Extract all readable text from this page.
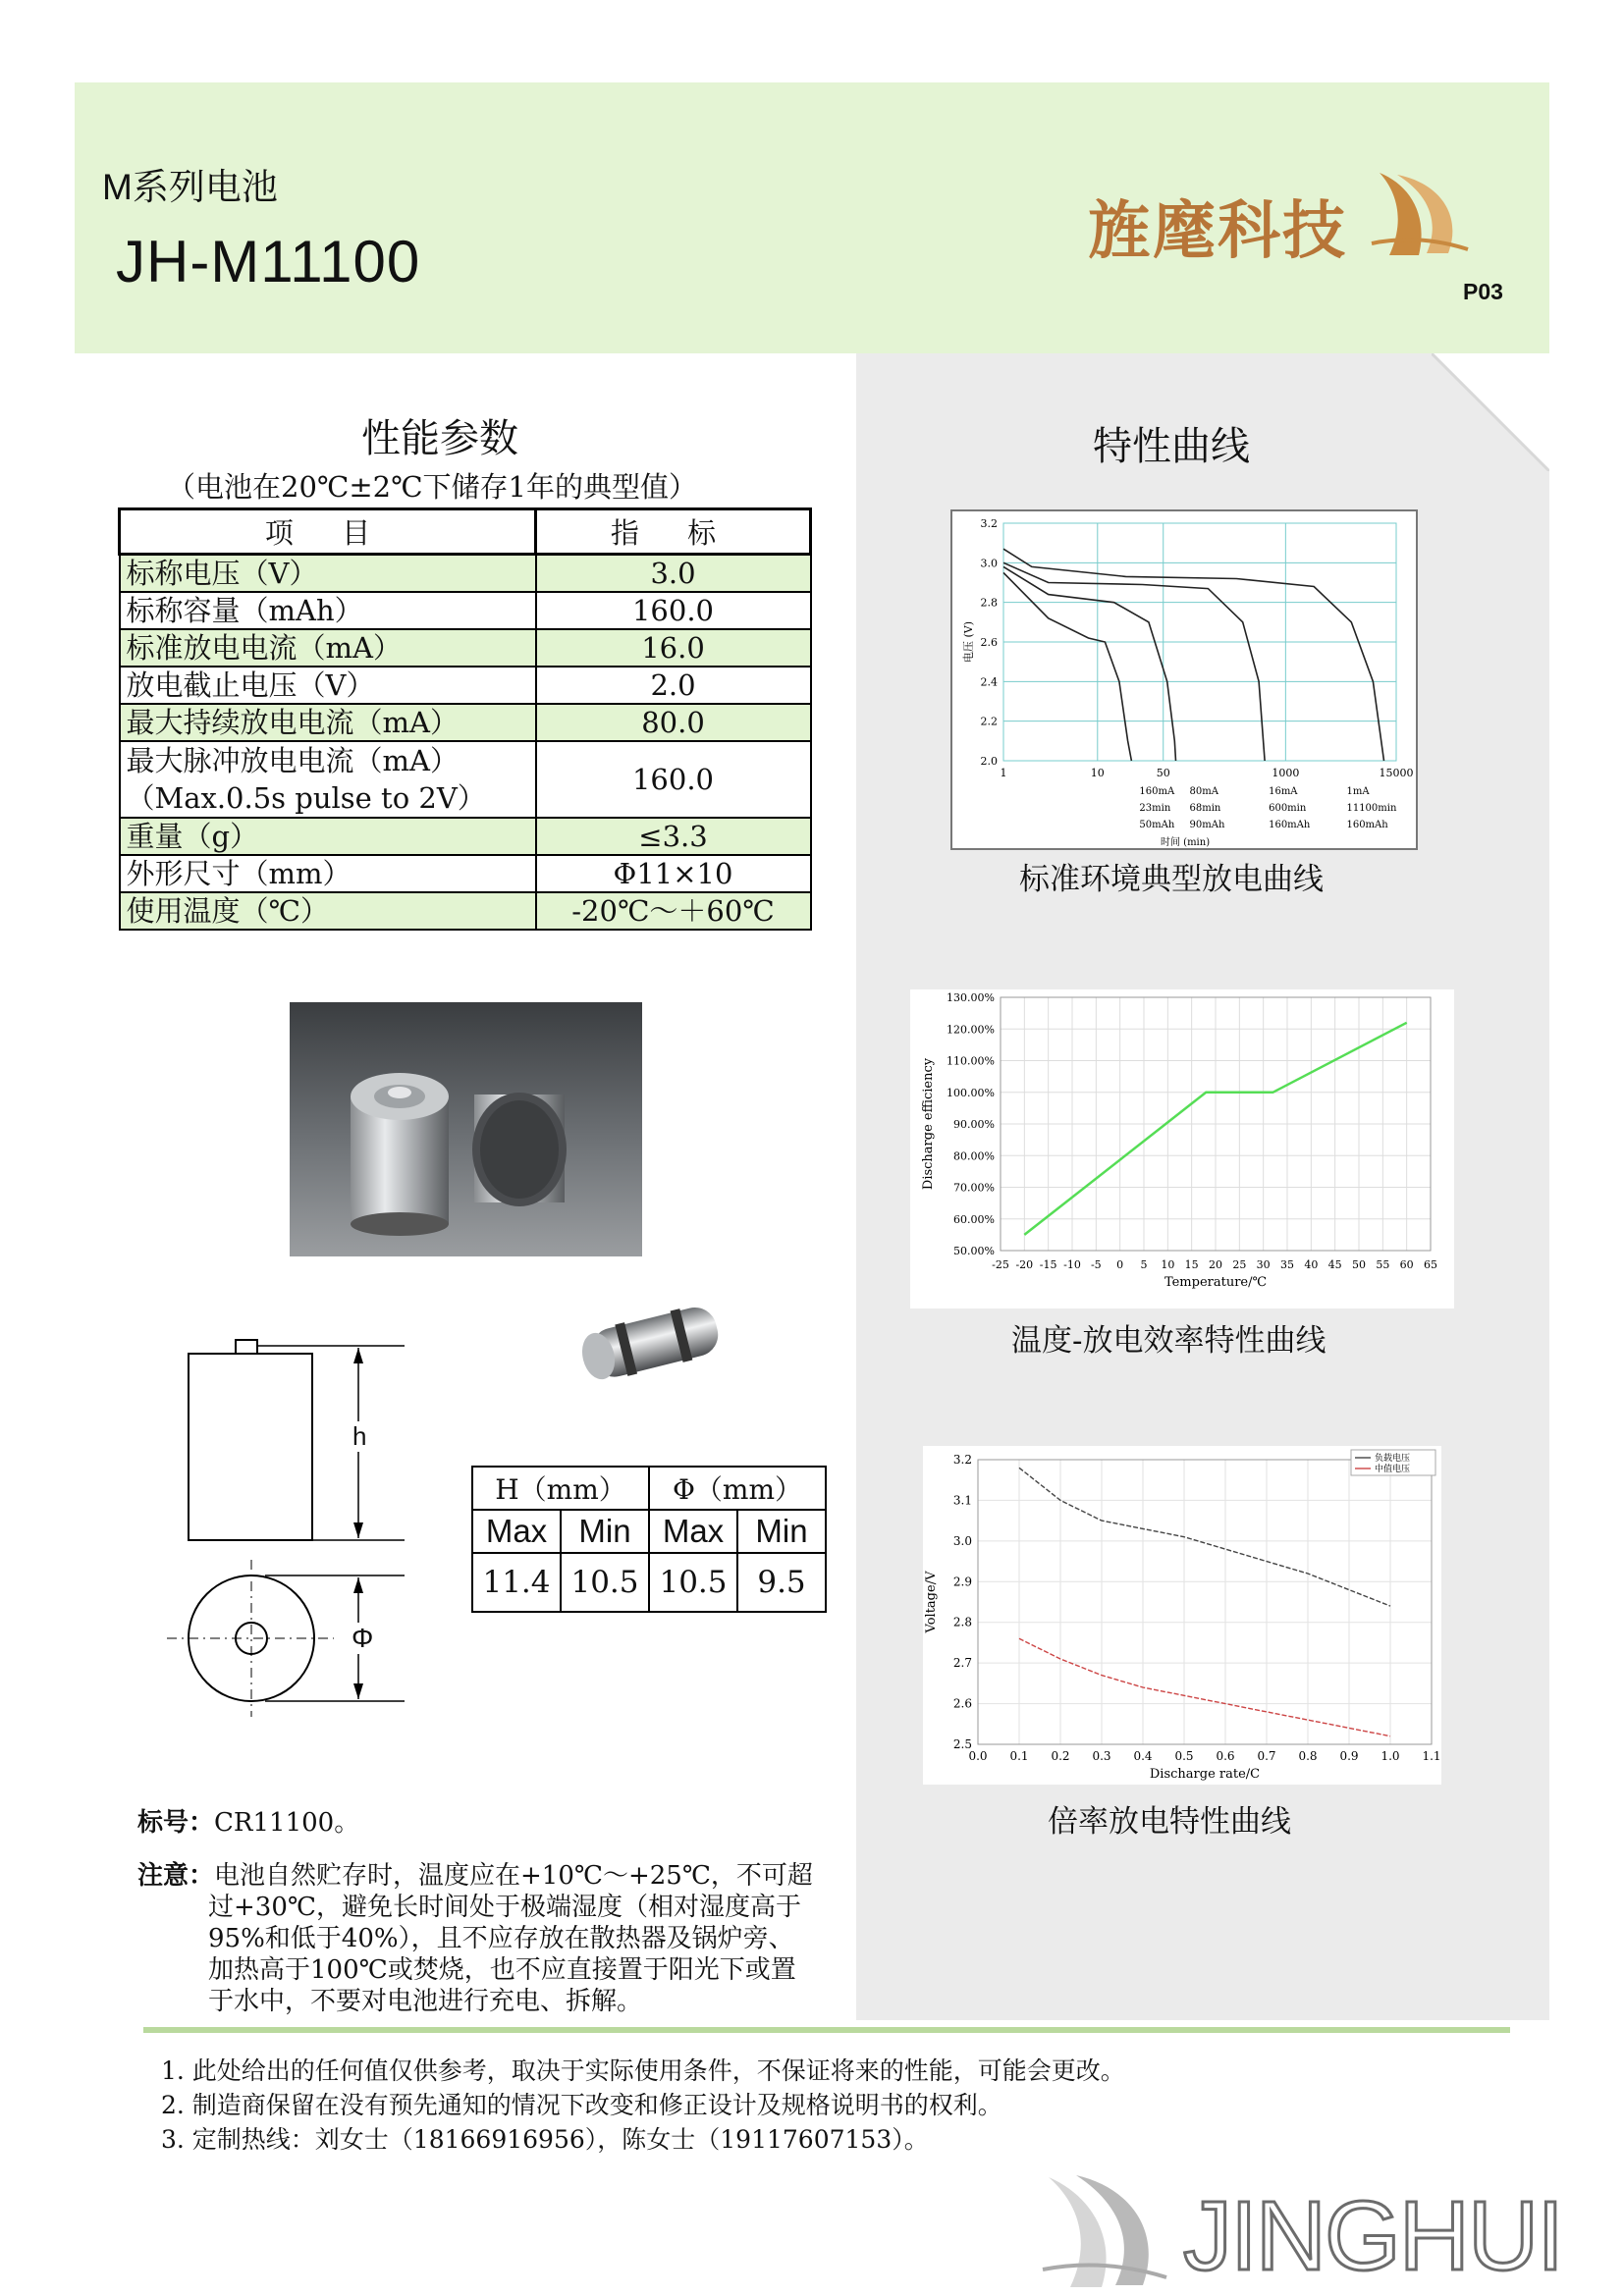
M系列电池
JH-M11100	旌麾科技
P03
性能参数
（电池在20℃±2℃下储存1年的典型值）
项 目	指 标
标称电压（V）	3.0
标称容量（mAh）	160.0
标准放电电流（mA）	16.0
放电截止电压（V）	2.0
最大持续放电电流（mA）	80.0
最大脉冲放电电流（mA）
（Max.0.5s pulse to 2V）	160.0
重量（g）	≤3.3
外形尺寸（mm）	Φ11×10
使用温度（℃）	-20℃～＋60℃
h
Φ
H（mm）		Φ（mm）	
Max	Min	Max	Min
11.4	10.5	10.5	9.5
特性曲线
2.0
2.2
2.4
2.6
2.8
3.0
3.2
1	10	50	1000	15000
160mA
23min
50mAh
80mA
68min
90mAh
16mA
600min
160mAh
1mA
11100min
160mAh
时间 (min)
电压 (V)
标准环境典型放电曲线
50.00%
60.00%
70.00%
80.00%
90.00%
100.00%
110.00%
120.00%
130.00%
-25 -20 -15 -10 -5 0 5 10 15 20 25 30 35 40 45 50 55 60 65
Temperature/℃
Discharge efficiency
温度-放电效率特性曲线
2.5
2.6
2.7
2.8
2.9
3.0
3.1
3.2
0.0 0.1 0.2 0.3 0.4 0.5 0.6 0.7 0.8 0.9 1.0 1.1
负载电压
中值电压
Discharge rate/C
Voltage/V
倍率放电特性曲线
标号：CR11100。
注意：电池自然贮存时，温度应在+10℃～+25℃，不可超
过+30℃，避免长时间处于极端湿度（相对湿度高于
95%和低于40%），且不应存放在散热器及锅炉旁、
加热高于100℃或焚烧，也不应直接置于阳光下或置
于水中，不要对电池进行充电、拆解。
1. 此处给出的任何值仅供参考，取决于实际使用条件，不保证将来的性能，可能会更改。
2. 制造商保留在没有预先通知的情况下改变和修正设计及规格说明书的权利。
3. 定制热线：刘女士（18166916956），陈女士（19117607153）。
JINGHUI
